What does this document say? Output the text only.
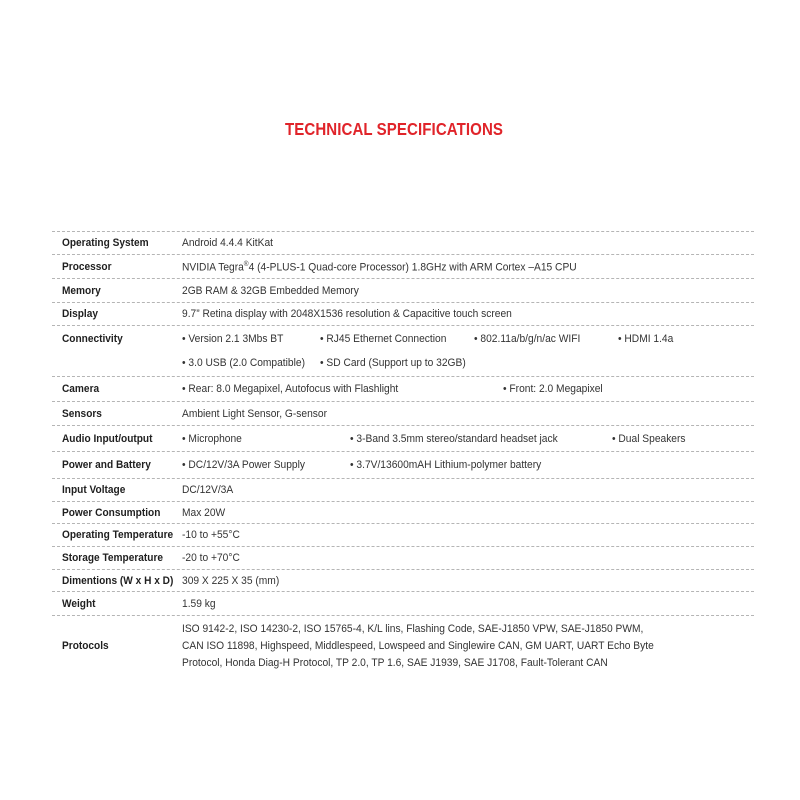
TECHNICAL SPECIFICATIONS
Operating System	Android 4.4.4 KitKat
Processor	NVIDIA Tegra®4 (4-PLUS-1 Quad-core Processor) 1.8GHz with ARM Cortex –A15 CPU
Memory	2GB RAM & 32GB Embedded Memory
Display	9.7” Retina display with 2048X1536 resolution & Capacitive touch screen
Connectivity	• Version 2.1 3Mbs BT	• RJ45 Ethernet Connection	• 802.11a/b/g/n/ac WIFI	• HDMI 1.4a
• 3.0 USB (2.0 Compatible) • SD Card (Support up to 32GB)
Camera	• Rear: 8.0 Megapixel, Autofocus with Flashlight	• Front: 2.0 Megapixel
Sensors	Ambient Light Sensor, G-sensor
Audio Input/output	• Microphone	• 3-Band 3.5mm stereo/standard headset jack	• Dual Speakers
Power and Battery	• DC/12V/3A Power Supply	• 3.7V/13600mAH Lithium-polymer battery
Input Voltage	DC/12V/3A
Power Consumption Max 20W
Operating Temperature -10 to +55°C
Storage Temperature -20 to +70°C
Dimentions (W x H x D) 309 X 225 X 35 (mm)
Weight	1.59 kg
Protocols
ISO 9142-2, ISO 14230-2, ISO 15765-4, K/L lins, Flashing Code, SAE-J1850 VPW, SAE-J1850 PWM,
CAN ISO 11898, Highspeed, Middlespeed, Lowspeed and Singlewire CAN, GM UART, UART Echo Byte
Protocol, Honda Diag-H Protocol, TP 2.0, TP 1.6, SAE J1939, SAE J1708, Fault-Tolerant CAN
